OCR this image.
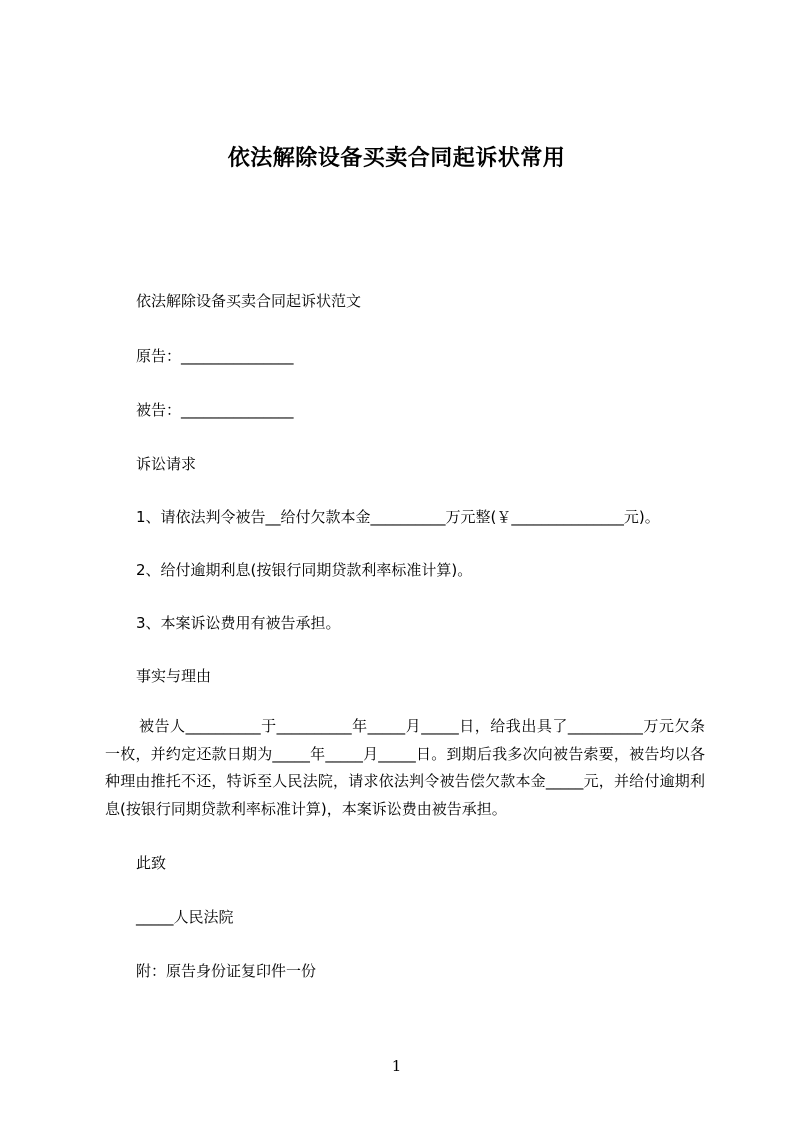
依法解除设备买卖合同起诉状常用
依法解除设备买卖合同起诉状范文
原告：_______________
被告：_______________
诉讼请求
1、请依法判令被告__给付欠款本金__________万元整(￥_______________元)。
2、给付逾期利息(按银行同期贷款利率标准计算)。
3、本案诉讼费用有被告承担。
事实与理由
被告人__________于__________年_____月_____日，给我出具了__________万元欠条一枚，并约定还款日期为_____年_____月_____日。到期后我多次向被告索要，被告均以各种理由推托不还，特诉至人民法院，请求依法判令被告偿欠款本金_____元，并给付逾期利息(按银行同期贷款利率标准计算)，本案诉讼费由被告承担。
此致
_____人民法院
附：原告身份证复印件一份
1
